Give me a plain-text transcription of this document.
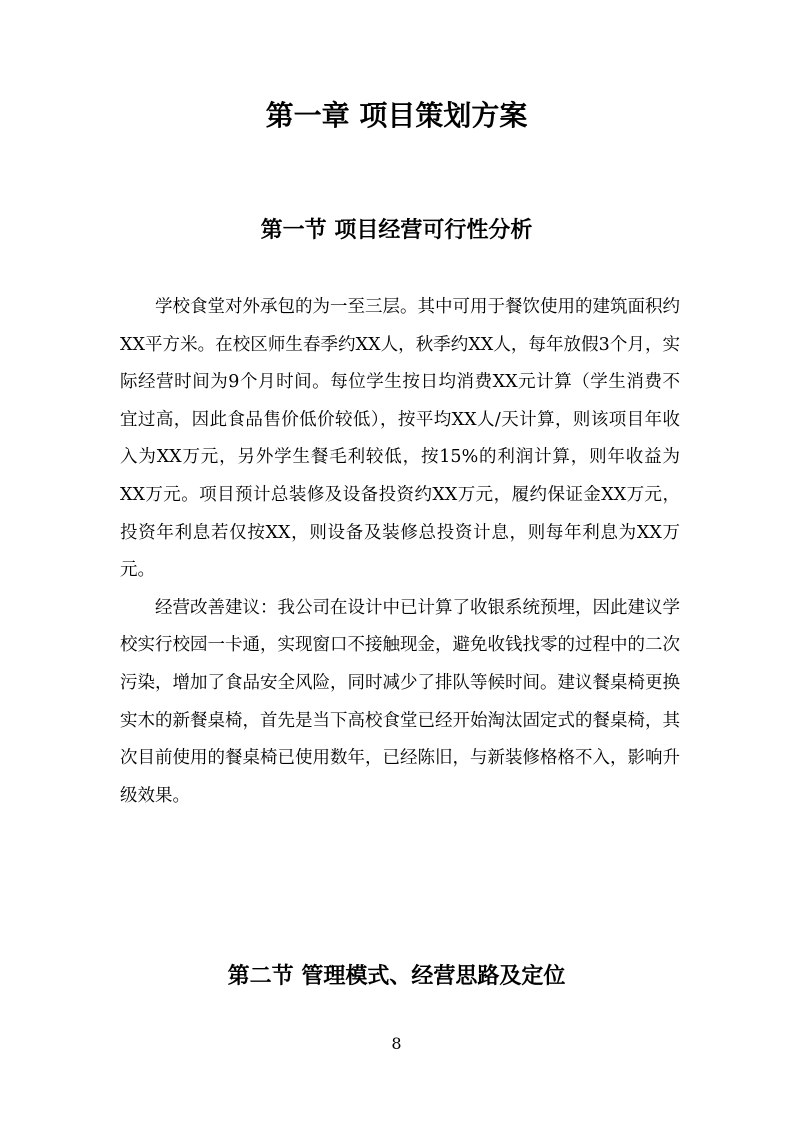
第一章 项目策划方案
第一节 项目经营可行性分析

学校食堂对外承包的为一至三层。其中可用于餐饮使用的建筑面积约XX平方米。在校区师生春季约XX人，秋季约XX人，每年放假3个月，实际经营时间为9个月时间。每位学生按日均消费XX元计算（学生消费不宜过高，因此食品售价低价较低），按平均XX人/天计算，则该项目年收入为XX万元，另外学生餐毛利较低，按15%的利润计算，则年收益为XX万元。项目预计总装修及设备投资约XX万元，履约保证金XX万元，投资年利息若仅按XX，则设备及装修总投资计息，则每年利息为XX万元。

经营改善建议：我公司在设计中已计算了收银系统预埋，因此建议学校实行校园一卡通，实现窗口不接触现金，避免收钱找零的过程中的二次污染，增加了食品安全风险，同时减少了排队等候时间。建议餐桌椅更换实木的新餐桌椅，首先是当下高校食堂已经开始淘汰固定式的餐桌椅，其次目前使用的餐桌椅已使用数年，已经陈旧，与新装修格格不入，影响升级效果。

第二节 管理模式、经营思路及定位
8
